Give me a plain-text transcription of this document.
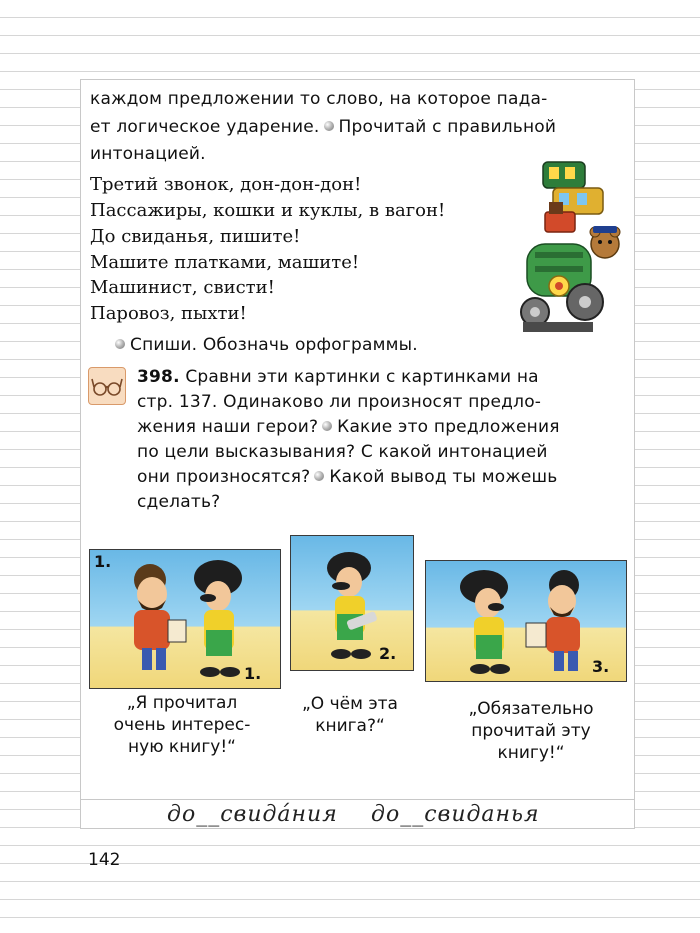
каждом предложении то слово, на которое пада-
ет логическое ударение. Прочитай с правильной
интонацией.
Третий звонок, дон-дон-дон!
Пассажиры, кошки и куклы, в вагон!
До свиданья, пишите!
Машите платками, машите!
Машинист, свисти!
Паровоз, пыхти!
Спиши. Обозначь орфограммы.
398. Сравни эти картинки с картинками на
стр. 137. Одинаково ли произносят предло-
жения наши герои? Какие это предложения
по цели высказывания? С какой интонацией
они произносятся? Какой вывод ты можешь
сделать?
1.
1.
2.
3.
„Я прочитал
очень интерес-
ную книгу!“
„О чём эта
книга?“
„Обязательно
прочитай эту
книгу!“
до__свида́ния до__свиданья
142
